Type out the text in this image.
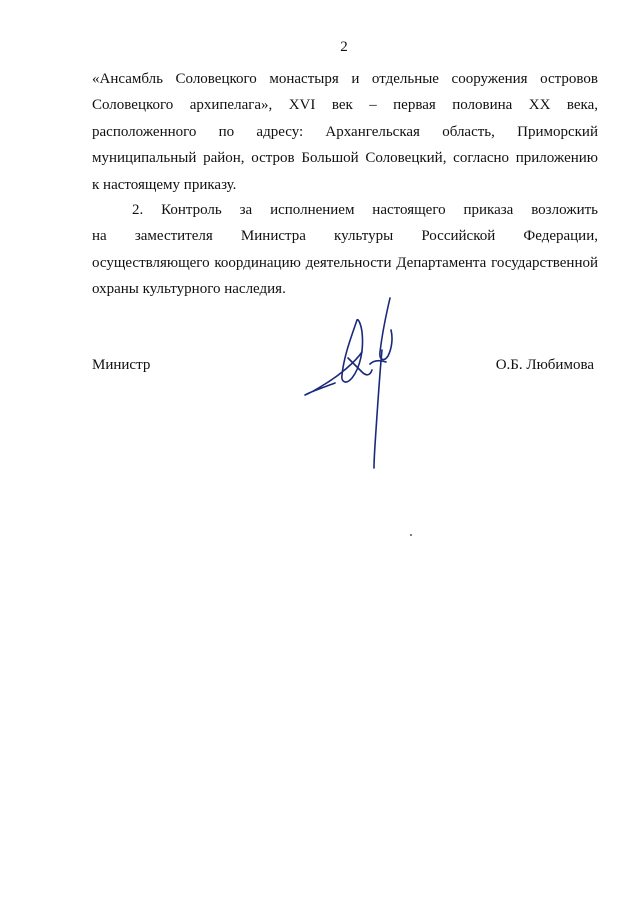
2
«Ансамбль Соловецкого монастыря и отдельные сооружения островов
Соловецкого архипелага», XVI век – первая половина XX века,
расположенного по адресу: Архангельская область, Приморский
муниципальный район, остров Большой Соловецкий, согласно приложению
к настоящему приказу.
2. Контроль за исполнением настоящего приказа возложить
на заместителя Министра культуры Российской Федерации,
осуществляющего координацию деятельности Департамента государственной
охраны культурного наследия.
Министр	О.Б. Любимова
